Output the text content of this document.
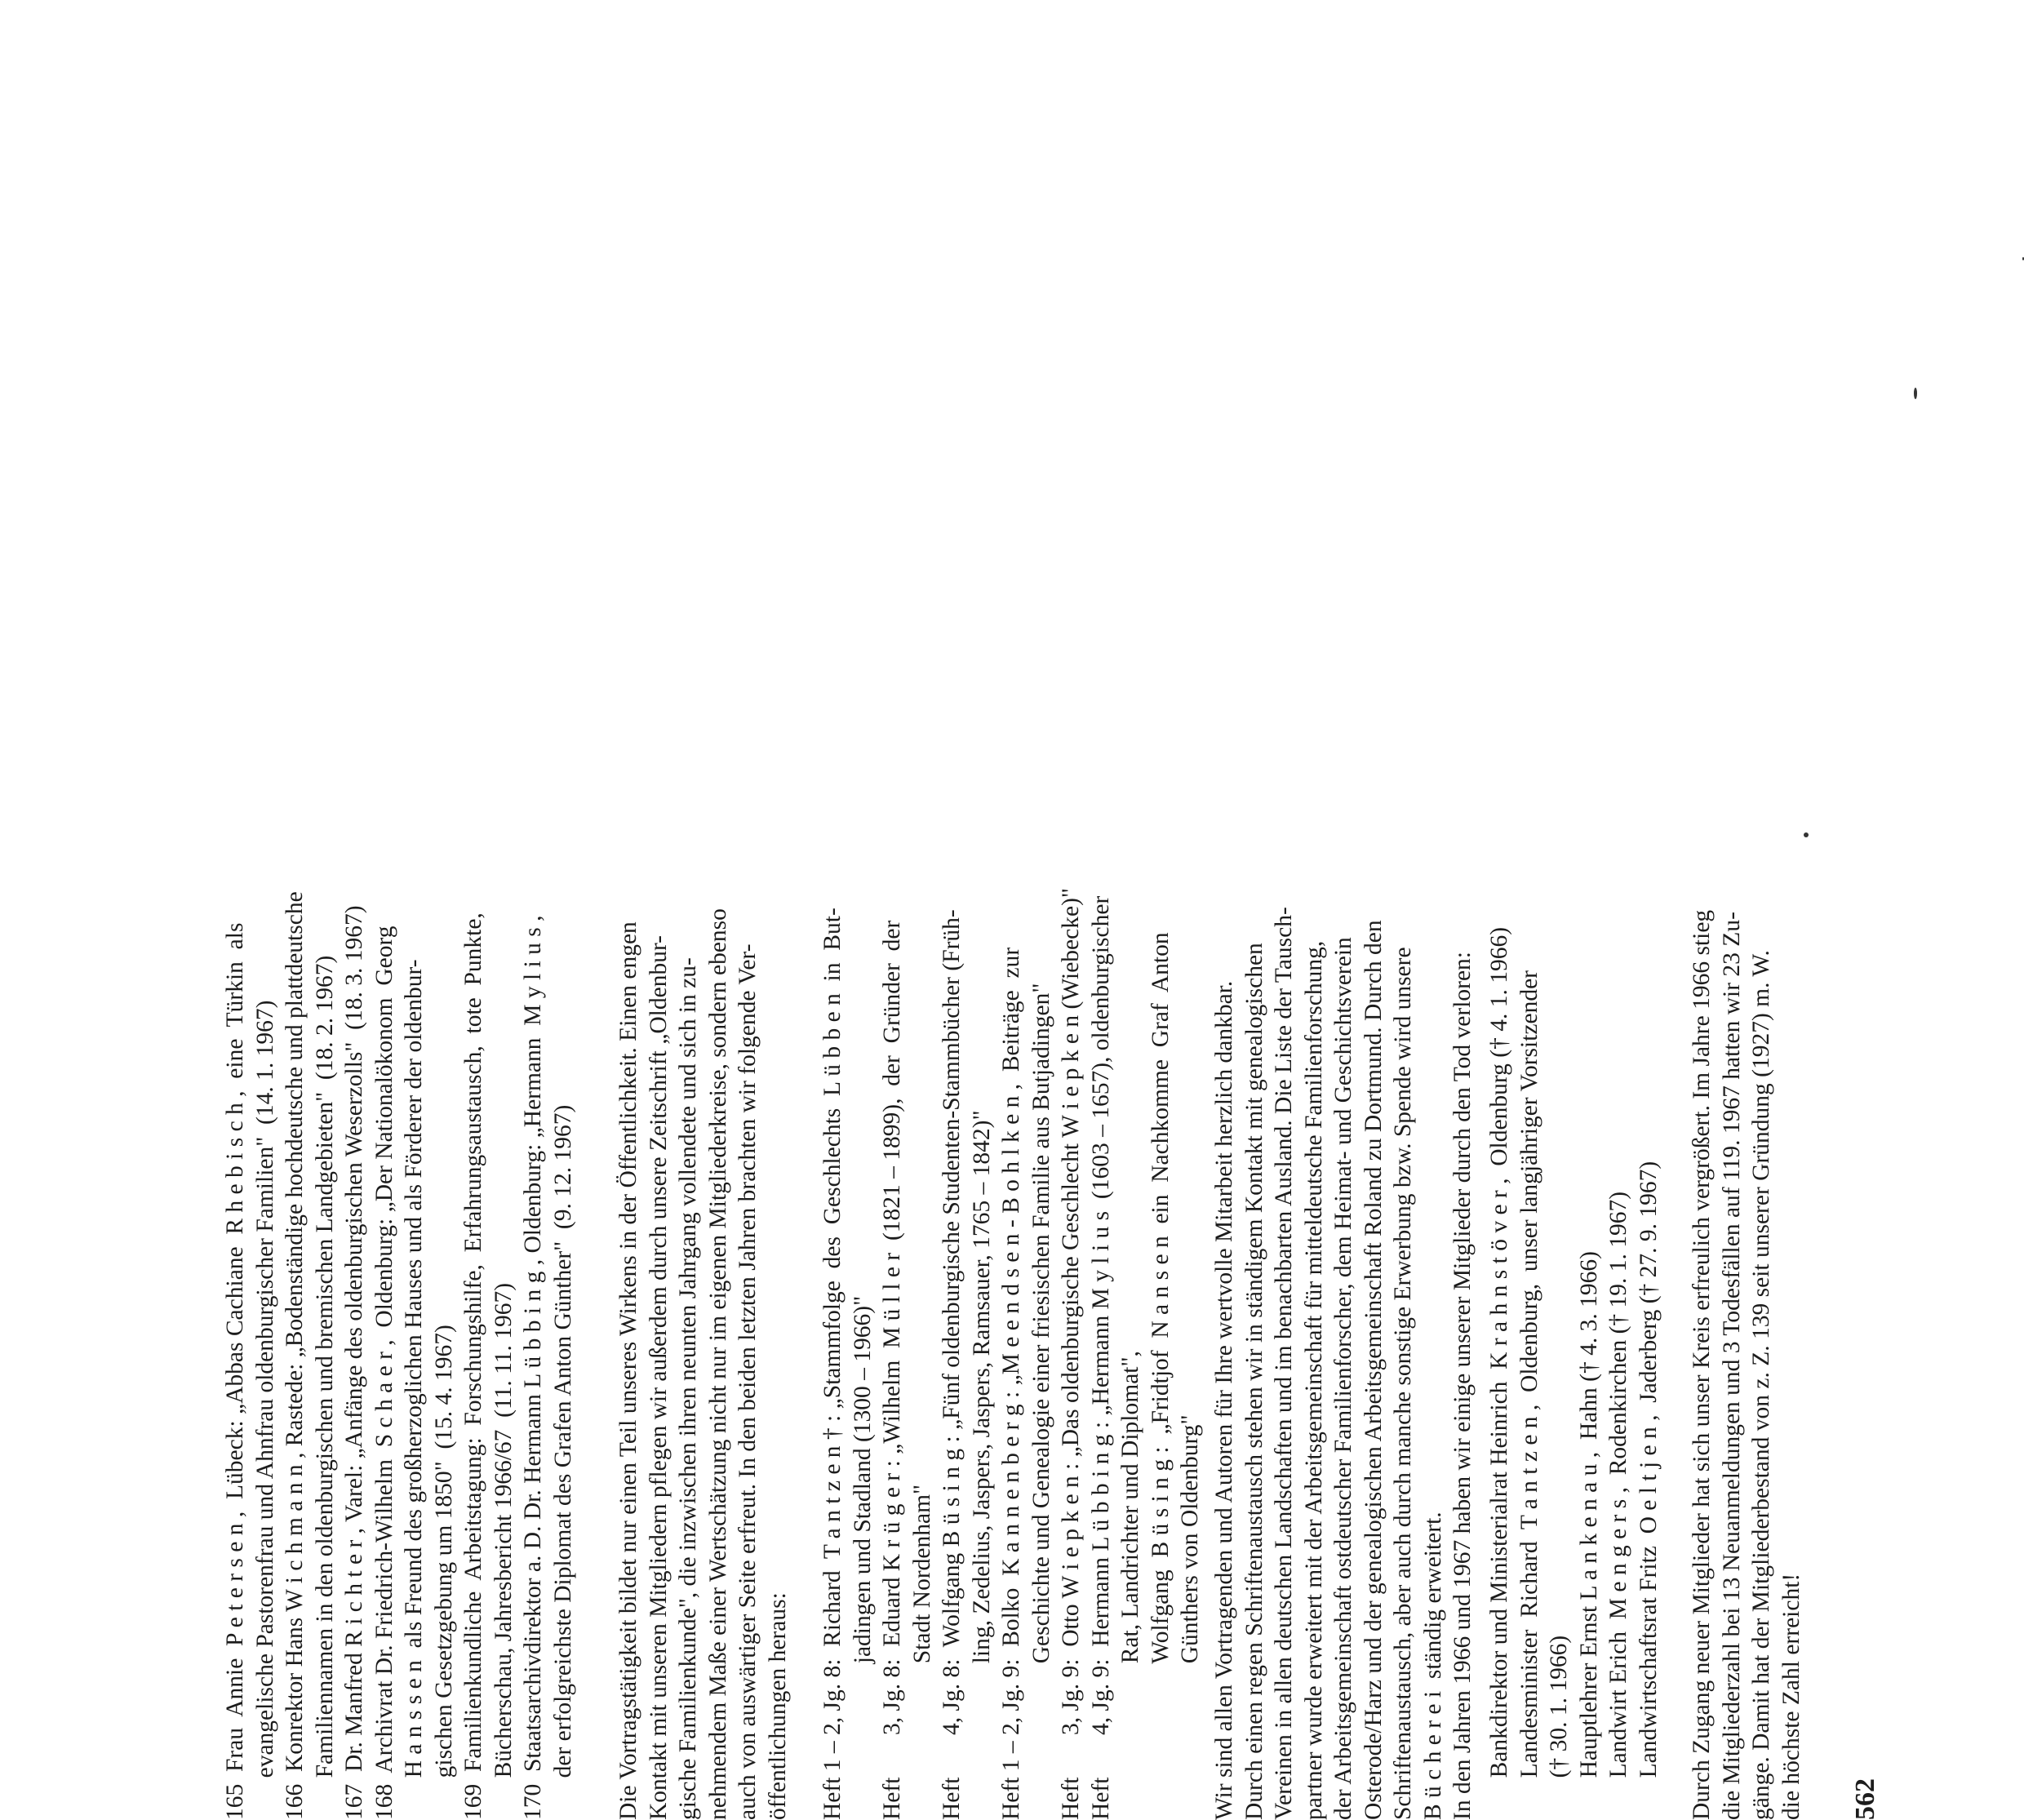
165  Frau  Annie  P e t e r s e n ,  Lübeck: „Abbas Cachiane  R h e b i s c h ,  eine  Türkin  als evangelische Pastorenfrau und Ahnfrau oldenburgischer Familien"  (14. 1. 1967) 166  Konrektor Hans W i c h m a n n , Rastede: „Bodenständige hochdeutsche und plattdeutsche Familiennamen in den oldenburgischen und bremischen Landgebieten"  (18. 2. 1967) 167  Dr. Manfred R i c h t e r , Varel: „Anfänge des oldenburgischen Weserzolls"  (18. 3. 1967) 168  Archivrat Dr. Friedrich-Wilhelm  S c h a e r ,  Oldenburg: „Der Nationalökonom  Georg H a n s s e n  als Freund des großherzoglichen Hauses und als Förderer der oldenbur- gischen Gesetzgebung um 1850"  (15. 4. 1967) 169  Familienkundliche  Arbeitstagung:  Forschungshilfe,  Erfahrungsaustausch,  tote  Punkte, Bücherschau, Jahresbericht 1966/67  (11. 11. 1967) 170  Staatsarchivdirektor a. D. Dr. Hermann L ü b b i n g , Oldenburg: „Hermann  M y l i u s , der erfolgreichste Diplomat des Grafen Anton Günther"  (9. 12. 1967) Die Vortragstätigkeit bildet nur einen Teil unseres Wirkens in der Öffentlichkeit. Einen engen Kontakt mit unseren Mitgliedern pflegen wir außerdem durch unsere Zeitschrift „Oldenbur- gische Familienkunde", die inzwischen ihren neunten Jahrgang vollendete und sich in zu- nehmendem Maße einer Wertschätzung nicht nur im eigenen Mitgliederkreise, sondern ebenso auch von auswärtiger Seite erfreut. In den beiden letzten Jahren brachten wir folgende Ver- öffentlichungen heraus: Heft 1 – 2, Jg. 8:  Richard  T a n t z e n † : „Stammfolge  des  Geschlechts  L ü b b e n  in  But- jadingen und Stadland (1300 – 1966)" Heft       3, Jg. 8:  Eduard K r ü g e r : „Wilhelm  M ü l l e r  (1821 – 1899),  der  Gründer  der Stadt Nordenham" Heft       4, Jg. 8:  Wolfgang B ü s i n g : „Fünf oldenburgische Studenten-Stammbücher (Früh- ling, Zedelius, Jaspers, Jaspers, Ramsauer, 1765 – 1842)" Heft 1 – 2, Jg. 9:  Bolko  K a n n e n b e r g : „M e e n d s e n - B o h l k e n ,  Beiträge  zur Geschichte und Genealogie einer friesischen Familie aus Butjadingen" Heft       3, Jg. 9:  Otto W i e p k e n : „Das oldenburgische Geschlecht W i e p k e n (Wiebecke)" Heft       4, Jg. 9:  Hermann L ü b b i n g : „Hermann M y l i u s  (1603 – 1657), oldenburgischer Rat, Landrichter und Diplomat", Wolfgang  B ü s i n g :  „Fridtjof  N a n s e n  ein  Nachkomme  Graf  Anton Günthers von Oldenburg" Wir sind allen Vortragenden und Autoren für Ihre wertvolle Mitarbeit herzlich dankbar. Durch einen regen Schriftenaustausch stehen wir in ständigem Kontakt mit genealogischen Vereinen in allen deutschen Landschaften und im benachbarten Ausland. Die Liste der Tausch- partner wurde erweitert mit der Arbeitsgemeinschaft für mitteldeutsche Familienforschung, der Arbeitsgemeinschaft ostdeutscher Familienforscher, dem Heimat- und Geschichtsverein Osterode/Harz und der genealogischen Arbeitsgemeinschaft Roland zu Dortmund. Durch den Schriftenaustausch, aber auch durch manche sonstige Erwerbung bzw. Spende wird unsere B ü c h e r e i  ständig erweitert. In den Jahren 1966 und 1967 haben wir einige unserer Mitglieder durch den Tod verloren: Bankdirektor und Ministerialrat Heinrich  K r a h n s t ö v e r ,  Oldenburg († 4. 1. 1966) Landesminister  Richard  T a n t z e n ,  Oldenburg,  unser langjähriger Vorsitzender († 30. 1. 1966) Hauptlehrer Ernst L a n k e n a u ,  Hahn († 4. 3. 1966) Landwirt Erich  M e n g e r s ,  Rodenkirchen († 19. 1. 1967) Landwirtschaftsrat Fritz  O e l t j e n ,  Jaderberg († 27. 9. 1967) Durch Zugang neuer Mitglieder hat sich unser Kreis erfreulich vergrößert. Im Jahre 1966 stieg die Mitgliederzahl bei 13 Neuanmeldungen und 3 Todesfällen auf 119. 1967 hatten wir 23 Zu- gänge. Damit hat der Mitgliederbestand von z. Z. 139 seit unserer Gründung (1927) m. W. die höchste Zahl erreicht! 562
